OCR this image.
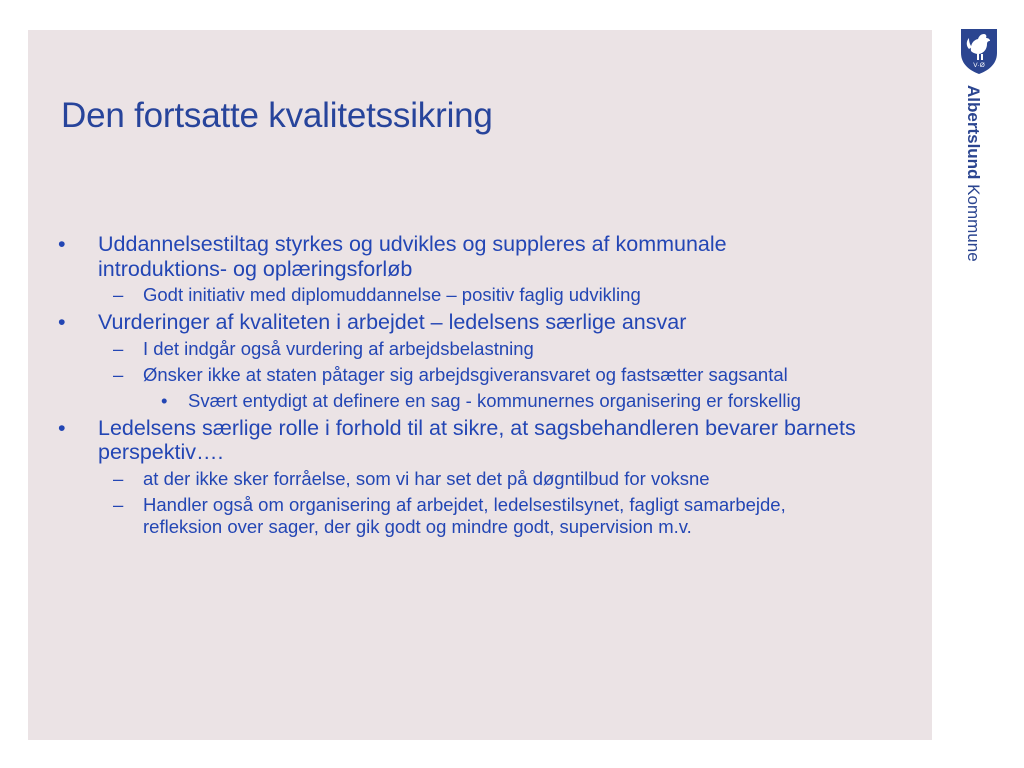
Den fortsatte kvalitetssikring
• Uddannelsestiltag styrkes og udvikles og suppleres af kommunale introduktions- og oplæringsforløb
– Godt initiativ med diplomuddannelse – positiv faglig udvikling
• Vurderinger af kvaliteten i arbejdet – ledelsens særlige ansvar
– I det indgår også vurdering af arbejdsbelastning
– Ønsker ikke at staten påtager sig arbejdsgiveransvaret og fastsætter sagsantal
• Svært entydigt at definere en sag - kommunernes organisering er forskellig
• Ledelsens særlige rolle i forhold til at sikre, at sagsbehandleren bevarer barnets perspektiv….
– at der ikke sker forråelse, som vi har set det på døgntilbud for voksne
– Handler også om organisering af arbejdet, ledelsestilsynet, fagligt samarbejde, refleksion over sager, der gik godt og mindre godt, supervision m.v.
V·Ø
Albertslund Kommune
